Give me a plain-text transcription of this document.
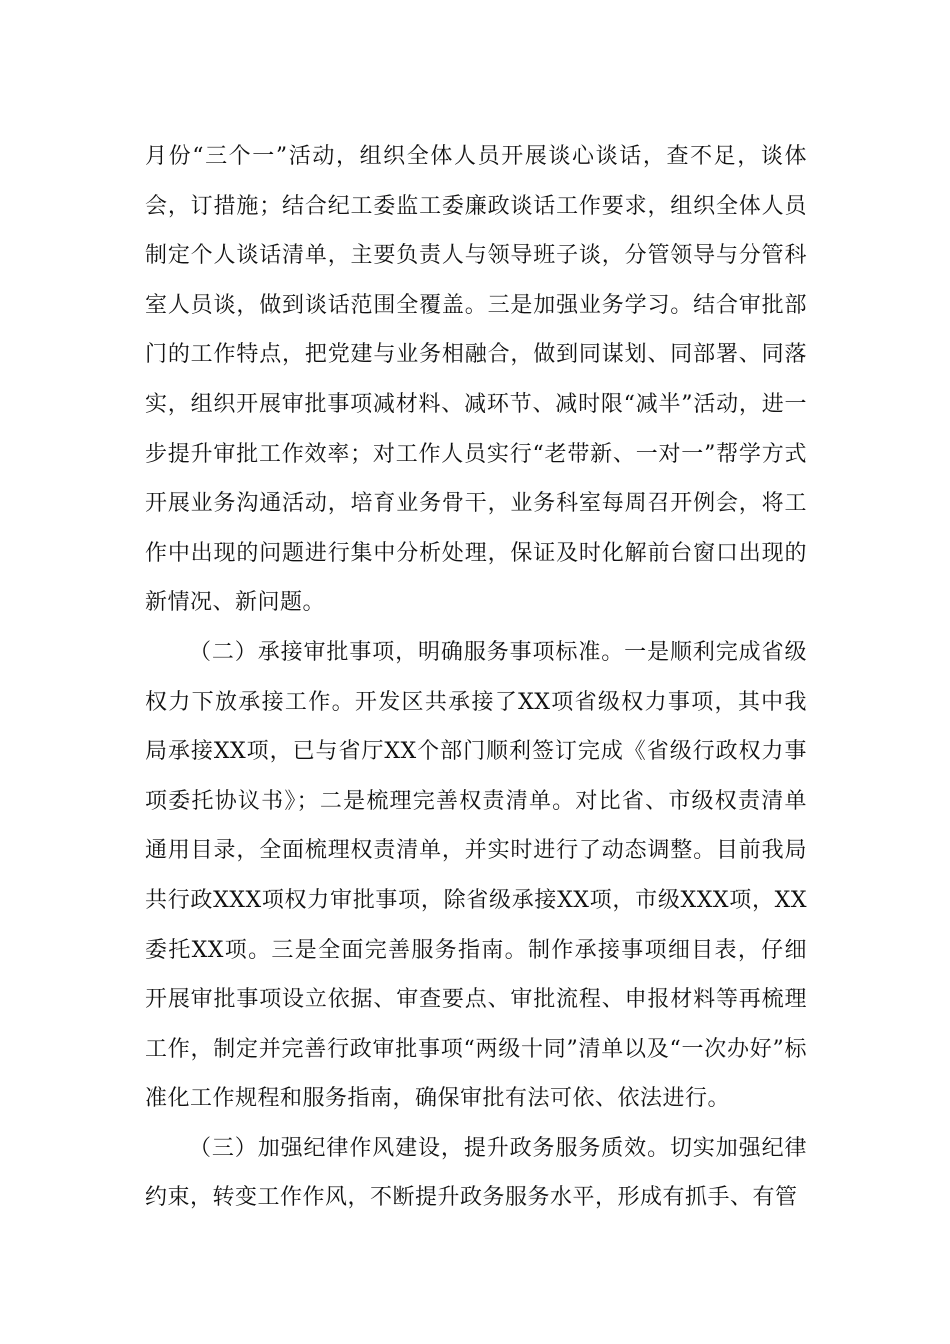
月份“三个一”活动，组织全体人员开展谈心谈话，查不足，谈体会，订措施；结合纪工委监工委廉政谈话工作要求，组织全体人员制定个人谈话清单，主要负责人与领导班子谈，分管领导与分管科室人员谈，做到谈话范围全覆盖。三是加强业务学习。结合审批部门的工作特点，把党建与业务相融合，做到同谋划、同部署、同落实，组织开展审批事项减材料、减环节、减时限“减半”活动，进一步提升审批工作效率；对工作人员实行“老带新、一对一”帮学方式开展业务沟通活动，培育业务骨干，业务科室每周召开例会，将工作中出现的问题进行集中分析处理，保证及时化解前台窗口出现的新情况、新问题。

（二）承接审批事项，明确服务事项标准。一是顺利完成省级权力下放承接工作。开发区共承接了XX项省级权力事项，其中我局承接XX项，已与省厅XX个部门顺利签订完成《省级行政权力事项委托协议书》；二是梳理完善权责清单。对比省、市级权责清单通用目录，全面梳理权责清单，并实时进行了动态调整。目前我局共行政XXX项权力审批事项，除省级承接XX项，市级XXX项，XX委托XX项。三是全面完善服务指南。制作承接事项细目表，仔细开展审批事项设立依据、审查要点、审批流程、申报材料等再梳理工作，制定并完善行政审批事项“两级十同”清单以及“一次办好”标准化工作规程和服务指南，确保审批有法可依、依法进行。

（三）加强纪律作风建设，提升政务服务质效。切实加强纪律约束，转变工作作风，不断提升政务服务水平，形成有抓手、有管
